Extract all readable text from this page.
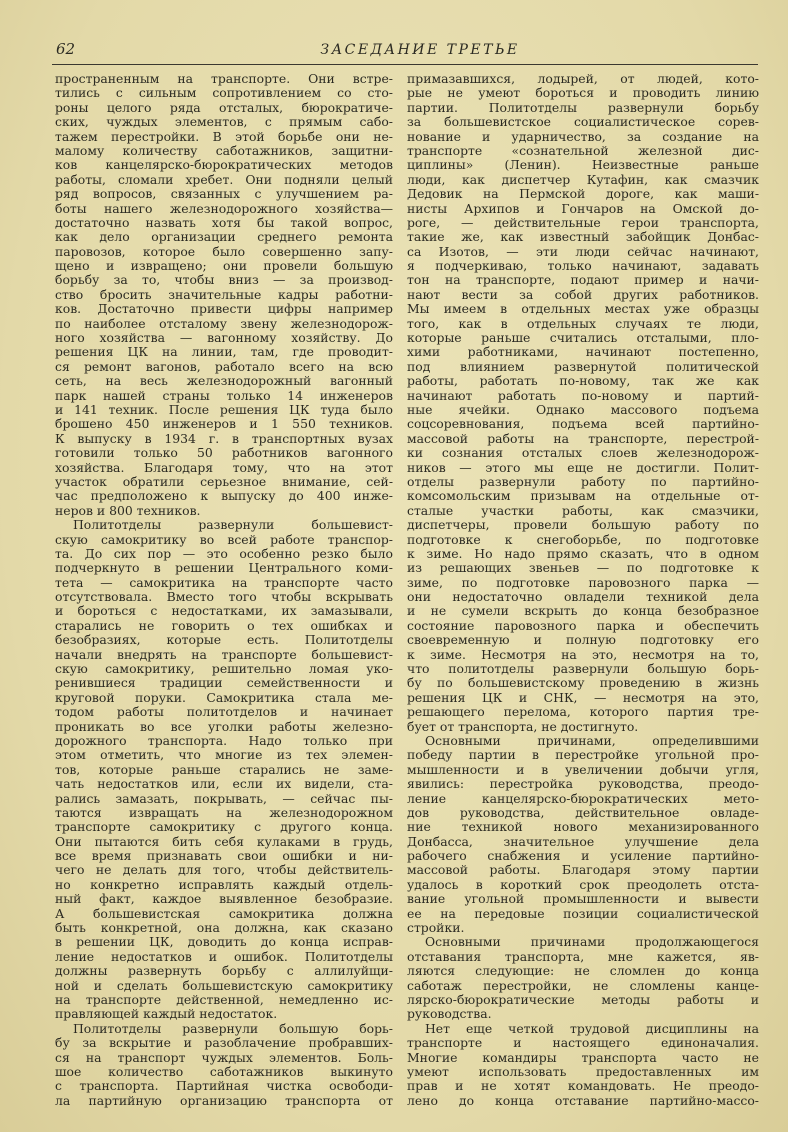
62	ЗАСЕДАНИЕ ТРЕТЬЕ
пространенным на транспорте. Они встре-
тились с сильным сопротивлением со сто-
роны целого ряда отсталых, бюрократиче-
ских, чуждых элементов, с прямым сабо-
тажем перестройки. В этой борьбе они не-
малому количеству саботажников, защитни-
ков канцелярско-бюрократических методов
работы, сломали хребет. Они подняли целый
ряд вопросов, связанных с улучшением ра-
боты нашего железнодорожного хозяйства—
достаточно назвать хотя бы такой вопрос,
как дело организации среднего ремонта
паровозов, которое было совершенно запу-
щено и извращено; они провели большую
борьбу за то, чтобы вниз — за производ-
ство бросить значительные кадры работни-
ков. Достаточно привести цифры например
по наиболее отсталому звену железнодорож-
ного хозяйства — вагонному хозяйству. До
решения ЦК на линии, там, где проводит-
ся ремонт вагонов, работало всего на всю
сеть, на весь железнодорожный вагонный
парк нашей страны только 14 инженеров
и 141 техник. После решения ЦК туда было
брошено 450 инженеров и 1 550 техников.
К выпуску в 1934 г. в транспортных вузах
готовили только 50 работников вагонного
хозяйства. Благодаря тому, что на этот
участок обратили серьезное внимание, сей-
час предположено к выпуску до 400 инже-
неров и 800 техников.
Политотделы развернули большевист-
скую самокритику во всей работе транспор-
та. До сих пор — это особенно резко было
подчеркнуто в решении Центрального коми-
тета — самокритика на транспорте часто
отсутствовала. Вместо того чтобы вскрывать
и бороться с недостатками, их замазывали,
старались не говорить о тех ошибках и
безобразиях, которые есть. Политотделы
начали внедрять на транспорте большевист-
скую самокритику, решительно ломая уко-
ренившиеся традиции семейственности и
круговой поруки. Самокритика стала ме-
тодом работы политотделов и начинает
проникать во все уголки работы железно-
дорожного транспорта. Надо только при
этом отметить, что многие из тех элемен-
тов, которые раньше старались не заме-
чать недостатков или, если их видели, ста-
рались замазать, покрывать, — сейчас пы-
таются извращать на железнодорожном
транспорте самокритику с другого конца.
Они пытаются бить себя кулаками в грудь,
все время признавать свои ошибки и ни-
чего не делать для того, чтобы действитель-
но конкретно исправлять каждый отдель-
ный факт, каждое выявленное безобразие.
А большевистская самокритика должна
быть конкретной, она должна, как сказано
в решении ЦК, доводить до конца исправ-
ление недостатков и ошибок. Политотделы
должны развернуть борьбу с аллилуйщи-
ной и сделать большевистскую самокритику
на транспорте действенной, немедленно ис-
правляющей каждый недостаток.
Политотделы развернули большую борь-
бу за вскрытие и разоблачение пробравших-
ся на транспорт чуждых элементов. Боль-
шое количество саботажников выкинуто
с транспорта. Партийная чистка освободи-
ла партийную организацию транспорта от
примазавшихся, лодырей, от людей, кото-
рые не умеют бороться и проводить линию
партии. Политотделы развернули борьбу
за большевистское социалистическое сорев-
нование и ударничество, за создание на
транспорте «сознательной железной дис-
циплины» (Ленин). Неизвестные раньше
люди, как диспетчер Кутафин, как смазчик
Дедовик на Пермской дороге, как маши-
нисты Архипов и Гончаров на Омской до-
роге, — действительные герои транспорта,
такие же, как известный забойщик Донбас-
са Изотов, — эти люди сейчас начинают,
я подчеркиваю, только начинают, задавать
тон на транспорте, подают пример и начи-
нают вести за собой других работников.
Мы имеем в отдельных местах уже образцы
того, как в отдельных случаях те люди,
которые раньше считались отсталыми, пло-
хими работниками, начинают постепенно,
под влиянием развернутой политической
работы, работать по-новому, так же как
начинают работать по-новому и партий-
ные ячейки. Однако массового подъема
соцсоревнования, подъема всей партийно-
массовой работы на транспорте, перестрой-
ки сознания отсталых слоев железнодорож-
ников — этого мы еще не достигли. Полит-
отделы развернули работу по партийно-
комсомольским призывам на отдельные от-
сталые участки работы, как смазчики,
диспетчеры, провели большую работу по
подготовке к снегоборьбе, по подготовке
к зиме. Но надо прямо сказать, что в одном
из решающих звеньев — по подготовке к
зиме, по подготовке паровозного парка —
они недостаточно овладели техникой дела
и не сумели вскрыть до конца безобразное
состояние паровозного парка и обеспечить
своевременную и полную подготовку его
к зиме. Несмотря на это, несмотря на то,
что политотделы развернули большую борь-
бу по большевистскому проведению в жизнь
решения ЦК и СНК, — несмотря на это,
решающего перелома, которого партия тре-
бует от транспорта, не достигнуто.
Основными причинами, определившими
победу партии в перестройке угольной про-
мышленности и в увеличении добычи угля,
явились: перестройка руководства, преодо-
ление канцелярско-бюрократических мето-
дов руководства, действительное овладе-
ние техникой нового механизированного
Донбасса, значительное улучшение дела
рабочего снабжения и усиление партийно-
массовой работы. Благодаря этому партии
удалось в короткий срок преодолеть отста-
вание угольной промышленности и вывести
ее на передовые позиции социалистической
стройки.
Основными причинами продолжающегося
отставания транспорта, мне кажется, яв-
ляются следующие: не сломлен до конца
саботаж перестройки, не сломлены канце-
лярско-бюрократические методы работы и
руководства.
Нет еще четкой трудовой дисциплины на
транспорте и настоящего единоначалия.
Многие командиры транспорта часто не
умеют использовать предоставленных им
прав и не хотят командовать. Не преодо-
лено до конца отставание партийно-массо-
